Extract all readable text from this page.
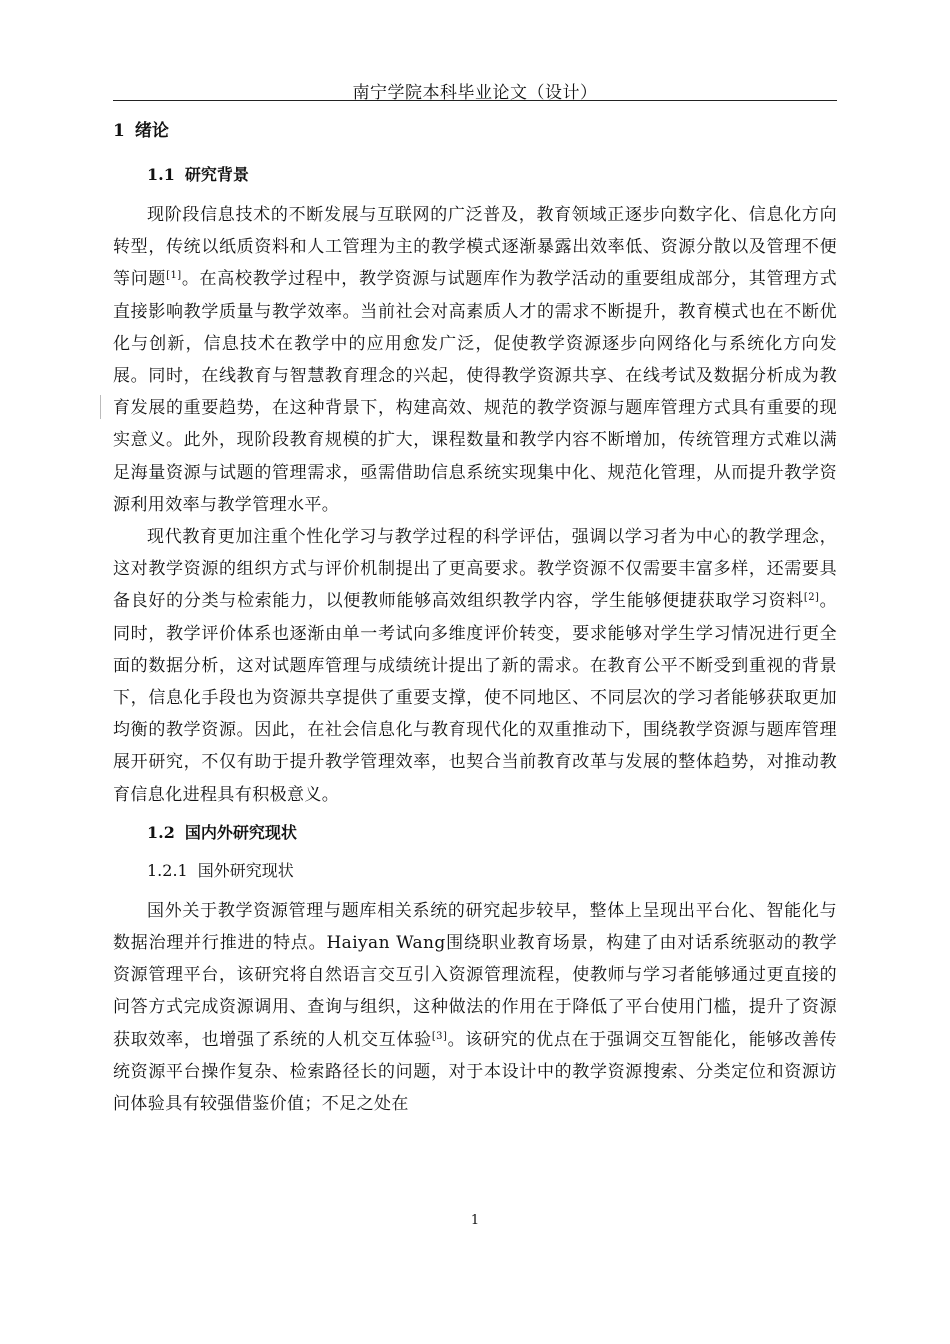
南宁学院本科毕业论文（设计）
1 绪论
1.1 研究背景

现阶段信息技术的不断发展与互联网的广泛普及，教育领域正逐步向数字化、信息化方向转型，传统以纸质资料和人工管理为主的教学模式逐渐暴露出效率低、资源分散以及管理不便等问题[1]。在高校教学过程中，教学资源与试题库作为教学活动的重要组成部分，其管理方式直接影响教学质量与教学效率。当前社会对高素质人才的需求不断提升，教育模式也在不断优化与创新，信息技术在教学中的应用愈发广泛，促使教学资源逐步向网络化与系统化方向发展。同时，在线教育与智慧教育理念的兴起，使得教学资源共享、在线考试及数据分析成为教育发展的重要趋势，在这种背景下，构建高效、规范的教学资源与题库管理方式具有重要的现实意义。此外，现阶段教育规模的扩大，课程数量和教学内容不断增加，传统管理方式难以满足海量资源与试题的管理需求，亟需借助信息系统实现集中化、规范化管理，从而提升教学资源利用效率与教学管理水平。

现代教育更加注重个性化学习与教学过程的科学评估，强调以学习者为中心的教学理念，这对教学资源的组织方式与评价机制提出了更高要求。教学资源不仅需要丰富多样，还需要具备良好的分类与检索能力，以便教师能够高效组织教学内容，学生能够便捷获取学习资料[2]。同时，教学评价体系也逐渐由单一考试向多维度评价转变，要求能够对学生学习情况进行更全面的数据分析，这对试题库管理与成绩统计提出了新的需求。在教育公平不断受到重视的背景下，信息化手段也为资源共享提供了重要支撑，使不同地区、不同层次的学习者能够获取更加均衡的教学资源。因此，在社会信息化与教育现代化的双重推动下，围绕教学资源与题库管理展开研究，不仅有助于提升教学管理效率，也契合当前教育改革与发展的整体趋势，对推动教育信息化进程具有积极意义。

1.2 国内外研究现状
1.2.1 国外研究现状

国外关于教学资源管理与题库相关系统的研究起步较早，整体上呈现出平台化、智能化与数据治理并行推进的特点。Haiyan Wang围绕职业教育场景，构建了由对话系统驱动的教学资源管理平台，该研究将自然语言交互引入资源管理流程，使教师与学习者能够通过更直接的问答方式完成资源调用、查询与组织，这种做法的作用在于降低了平台使用门槛，提升了资源获取效率，也增强了系统的人机交互体验[3]。该研究的优点在于强调交互智能化，能够改善传统资源平台操作复杂、检索路径长的问题，对于本设计中的教学资源搜索、分类定位和资源访问体验具有较强借鉴价值；不足之处在

1
